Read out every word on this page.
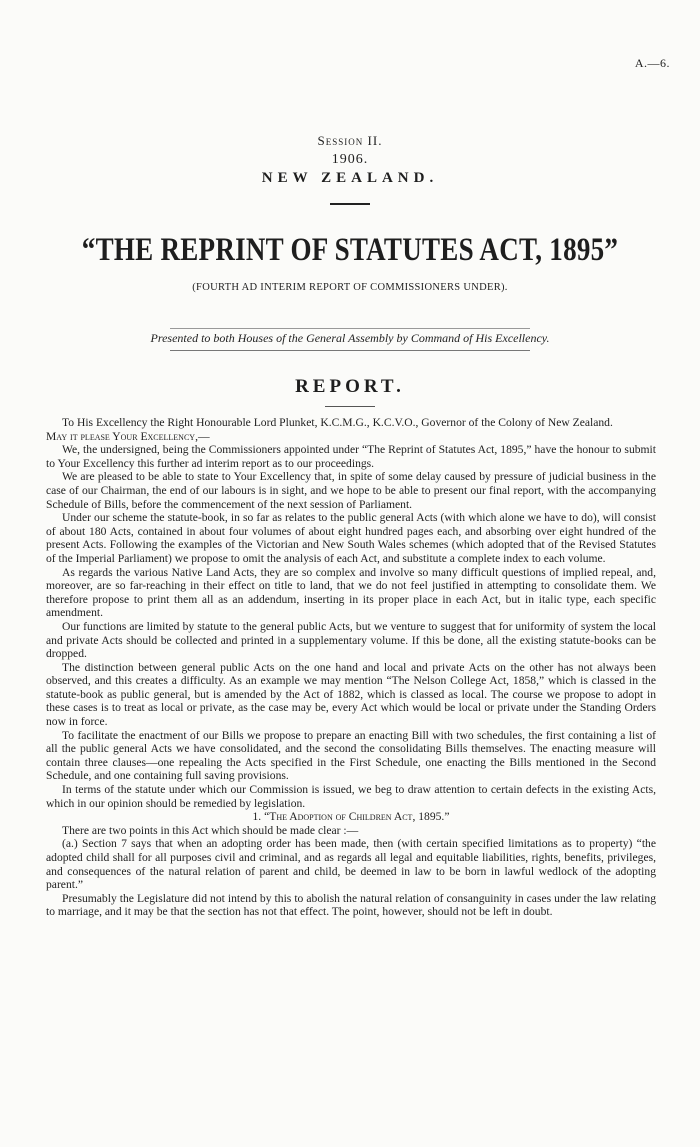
A.—6.
Session II.
1906.
NEW ZEALAND.
“THE REPRINT OF STATUTES ACT, 1895”
(FOURTH AD INTERIM REPORT OF COMMISSIONERS UNDER).
Presented to both Houses of the General Assembly by Command of His Excellency.
REPORT.

To His Excellency the Right Honourable Lord Plunket, K.C.M.G., K.C.V.O., Governor of the Colony of New Zealand.

May it please Your Excellency,—

We, the undersigned, being the Commissioners appointed under “The Reprint of Statutes Act, 1895,” have the honour to submit to Your Excellency this further ad interim report as to our proceedings.

We are pleased to be able to state to Your Excellency that, in spite of some delay caused by pressure of judicial business in the case of our Chairman, the end of our labours is in sight, and we hope to be able to present our final report, with the accompanying Schedule of Bills, before the commencement of the next session of Parliament.

Under our scheme the statute-book, in so far as relates to the public general Acts (with which alone we have to do), will consist of about 180 Acts, contained in about four volumes of about eight hundred pages each, and absorbing over eight hundred of the present Acts. Following the examples of the Victorian and New South Wales schemes (which adopted that of the Revised Statutes of the Imperial Parliament) we propose to omit the analysis of each Act, and substitute a complete index to each volume.

As regards the various Native Land Acts, they are so complex and involve so many difficult questions of implied repeal, and, moreover, are so far-reaching in their effect on title to land, that we do not feel justified in attempting to consolidate them. We therefore propose to print them all as an addendum, inserting in its proper place in each Act, but in italic type, each specific amendment.

Our functions are limited by statute to the general public Acts, but we venture to suggest that for uniformity of system the local and private Acts should be collected and printed in a supplementary volume. If this be done, all the existing statute-books can be dropped.

The distinction between general public Acts on the one hand and local and private Acts on the other has not always been observed, and this creates a difficulty. As an example we may mention “The Nelson College Act, 1858,” which is classed in the statute-book as public general, but is amended by the Act of 1882, which is classed as local. The course we propose to adopt in these cases is to treat as local or private, as the case may be, every Act which would be local or private under the Standing Orders now in force.

To facilitate the enactment of our Bills we propose to prepare an enacting Bill with two schedules, the first containing a list of all the public general Acts we have consolidated, and the second the consolidating Bills themselves. The enacting measure will contain three clauses—one repealing the Acts specified in the First Schedule, one enacting the Bills mentioned in the Second Schedule, and one containing full saving provisions.

In terms of the statute under which our Commission is issued, we beg to draw attention to certain defects in the existing Acts, which in our opinion should be remedied by legislation.

1. “The Adoption of Children Act, 1895.”

There are two points in this Act which should be made clear :—

(a.) Section 7 says that when an adopting order has been made, then (with certain specified limitations as to property) “the adopted child shall for all purposes civil and criminal, and as regards all legal and equitable liabilities, rights, benefits, privileges, and consequences of the natural relation of parent and child, be deemed in law to be born in lawful wedlock of the adopting parent.”

Presumably the Legislature did not intend by this to abolish the natural relation of consanguinity in cases under the law relating to marriage, and it may be that the section has not that effect. The point, however, should not be left in doubt.
